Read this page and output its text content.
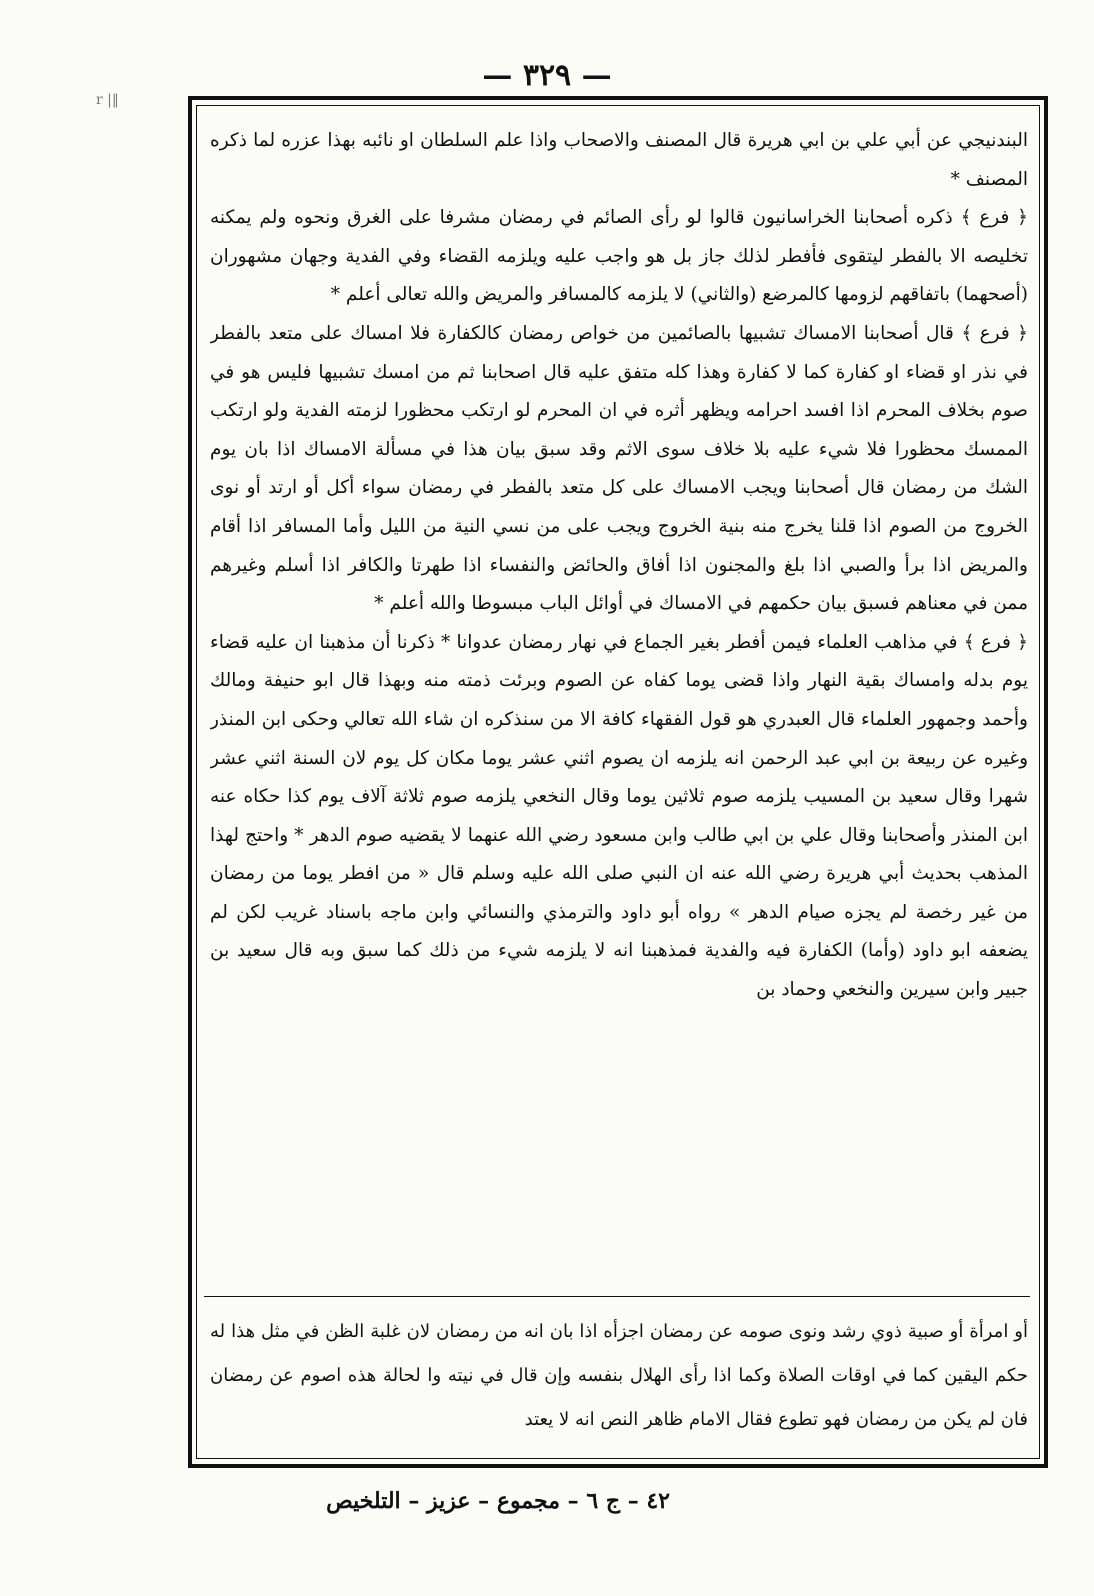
r |‖
— ٣٢٩ —

البندنيجي عن أبي علي بن ابي هريرة قال المصنف والاصحاب واذا علم السلطان او نائبه بهذا عزره لما ذكره المصنف *

﴿ فرع ﴾ ذكره أصحابنا الخراسانيون قالوا لو رأى الصائم في رمضان مشرفا على الغرق ونحوه ولم يمكنه تخليصه الا بالفطر ليتقوى فأفطر لذلك جاز بل هو واجب عليه ويلزمه القضاء وفي الفدية وجهان مشهوران (أصحهما) باتفاقهم لزومها كالمرضع (والثاني) لا يلزمه كالمسافر والمريض والله تعالى أعلم *

﴿ فرع ﴾ قال أصحابنا الامساك تشبيها بالصائمين من خواص رمضان كالكفارة فلا امساك على متعد بالفطر في نذر او قضاء او كفارة كما لا كفارة وهذا كله متفق عليه قال اصحابنا ثم من امسك تشبيها فليس هو في صوم بخلاف المحرم اذا افسد احرامه ويظهر أثره في ان المحرم لو ارتكب محظورا لزمته الفدية ولو ارتكب الممسك محظورا فلا شيء عليه بلا خلاف سوى الاثم وقد سبق بيان هذا في مسألة الامساك اذا بان يوم الشك من رمضان قال أصحابنا ويجب الامساك على كل متعد بالفطر في رمضان سواء أكل أو ارتد أو نوى الخروج من الصوم اذا قلنا يخرج منه بنية الخروج ويجب على من نسي النية من الليل وأما المسافر اذا أقام والمريض اذا برأ والصبي اذا بلغ والمجنون اذا أفاق والحائض والنفساء اذا طهرتا والكافر اذا أسلم وغيرهم ممن في معناهم فسبق بيان حكمهم في الامساك في أوائل الباب مبسوطا والله أعلم *

﴿ فرع ﴾ في مذاهب العلماء فيمن أفطر بغير الجماع في نهار رمضان عدوانا * ذكرنا أن مذهبنا ان عليه قضاء يوم بدله وامساك بقية النهار واذا قضى يوما كفاه عن الصوم وبرئت ذمته منه وبهذا قال ابو حنيفة ومالك وأحمد وجمهور العلماء قال العبدري هو قول الفقهاء كافة الا من سنذكره ان شاء الله تعالي وحكى ابن المنذر وغيره عن ربيعة بن ابي عبد الرحمن انه يلزمه ان يصوم اثني عشر يوما مكان كل يوم لان السنة اثني عشر شهرا وقال سعيد بن المسيب يلزمه صوم ثلاثين يوما وقال النخعي يلزمه صوم ثلاثة آلاف يوم كذا حكاه عنه ابن المنذر وأصحابنا وقال علي بن ابي طالب وابن مسعود رضي الله عنهما لا يقضيه صوم الدهر * واحتج لهذا المذهب بحديث أبي هريرة رضي الله عنه ان النبي صلى الله عليه وسلم قال « من افطر يوما من رمضان من غير رخصة لم يجزه صيام الدهر » رواه أبو داود والترمذي والنسائي وابن ماجه باسناد غريب لكن لم يضعفه ابو داود (وأما) الكفارة فيه والفدية فمذهبنا انه لا يلزمه شيء من ذلك كما سبق وبه قال سعيد بن جبير وابن سيرين والنخعي وحماد بن

أو امرأة أو صبية ذوي رشد ونوى صومه عن رمضان اجزأه اذا بان انه من رمضان لان غلبة الظن في مثل هذا له حكم اليقين كما في اوقات الصلاة وكما اذا رأى الهلال بنفسه وإن قال في نيته وا لحالة هذه اصوم عن رمضان فان لم يكن من رمضان فهو تطوع فقال الامام ظاهر النص انه لا يعتد

٤٢ – ج ٦ – مجموع – عزيز – التلخيص
